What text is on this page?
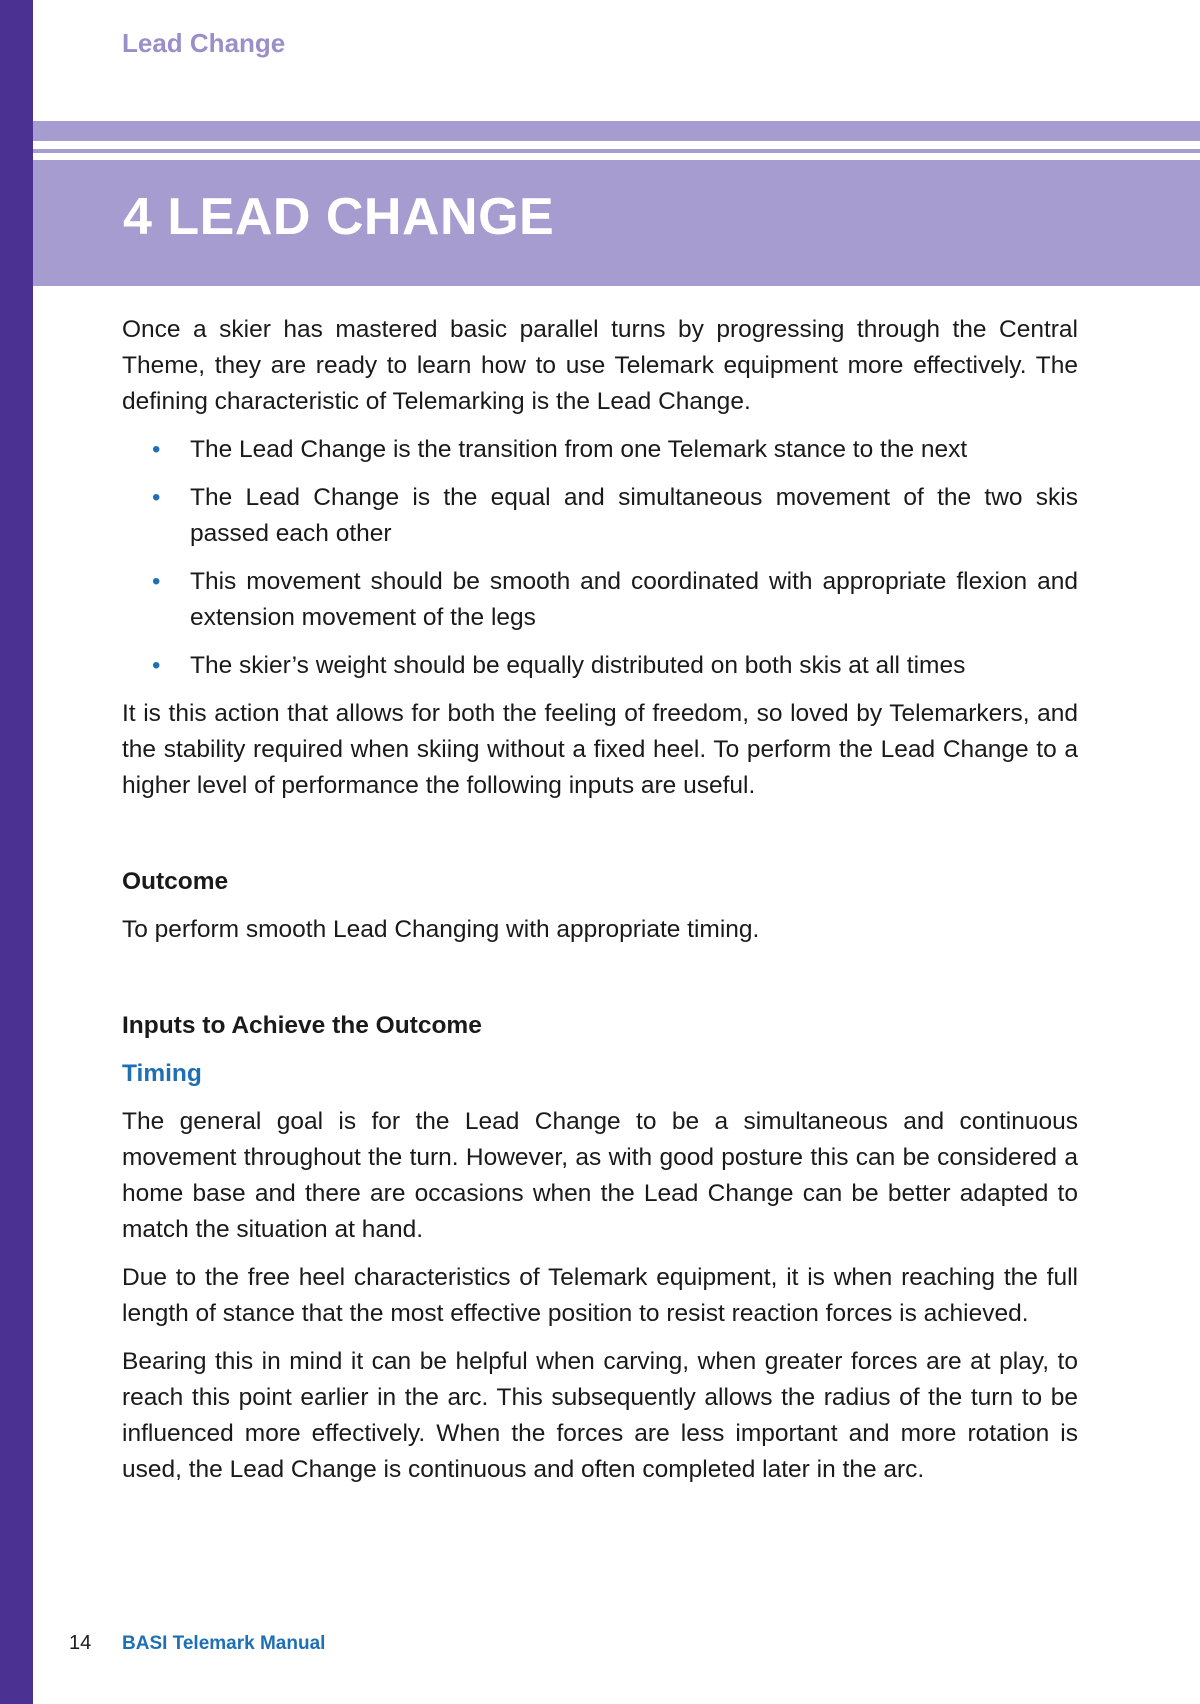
Lead Change
4 LEAD CHANGE

Once a skier has mastered basic parallel turns by progressing through the Central Theme, they are ready to learn how to use Telemark equipment more effectively. The defining characteristic of Telemarking is the Lead Change.

• The Lead Change is the transition from one Telemark stance to the next
• The Lead Change is the equal and simultaneous movement of the two skis passed each other
• This movement should be smooth and coordinated with appropriate flexion and extension movement of the legs
• The skier’s weight should be equally distributed on both skis at all times

It is this action that allows for both the feeling of freedom, so loved by Telemarkers, and the stability required when skiing without a fixed heel. To perform the Lead Change to a higher level of performance the following inputs are useful.

Outcome

To perform smooth Lead Changing with appropriate timing.

Inputs to Achieve the Outcome
Timing

The general goal is for the Lead Change to be a simultaneous and continuous movement throughout the turn. However, as with good posture this can be considered a home base and there are occasions when the Lead Change can be better adapted to match the situation at hand.

Due to the free heel characteristics of Telemark equipment, it is when reaching the full length of stance that the most effective position to resist reaction forces is achieved.

Bearing this in mind it can be helpful when carving, when greater forces are at play, to reach this point earlier in the arc. This subsequently allows the radius of the turn to be influenced more effectively. When the forces are less important and more rotation is used, the Lead Change is continuous and often completed later in the arc.

14 BASI Telemark Manual
